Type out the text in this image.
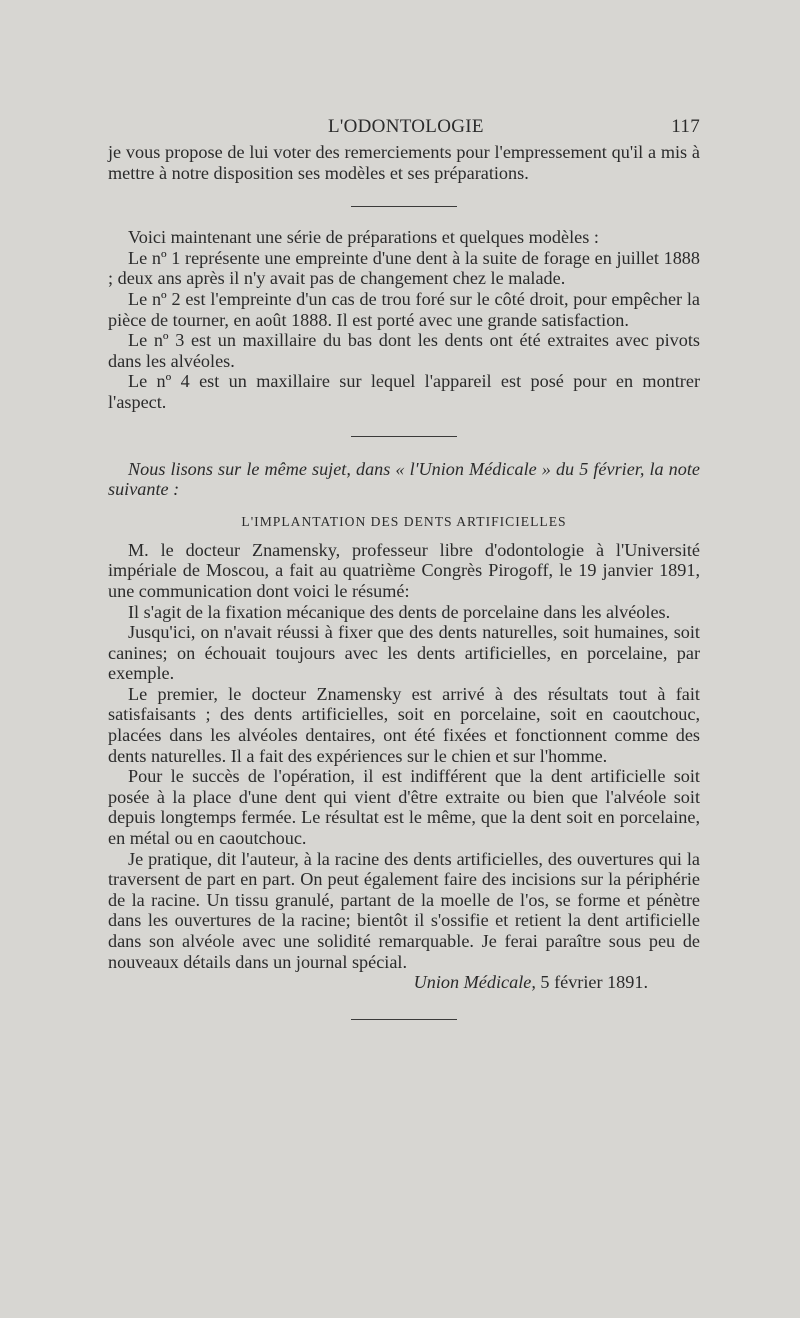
L'ODONTOLOGIE	117

je vous propose de lui voter des remerciements pour l'empressement qu'il a mis à mettre à notre disposition ses modèles et ses préparations.

Voici maintenant une série de préparations et quelques modèles :

Le nº 1 représente une empreinte d'une dent à la suite de forage en juillet 1888 ; deux ans après il n'y avait pas de changement chez le malade.

Le nº 2 est l'empreinte d'un cas de trou foré sur le côté droit, pour empêcher la pièce de tourner, en août 1888. Il est porté avec une grande satisfaction.

Le nº 3 est un maxillaire du bas dont les dents ont été extraites avec pivots dans les alvéoles.

Le nº 4 est un maxillaire sur lequel l'appareil est posé pour en montrer l'aspect.

Nous lisons sur le même sujet, dans « l'Union Médicale » du 5 février, la note suivante :

L'IMPLANTATION DES DENTS ARTIFICIELLES

M. le docteur Znamensky, professeur libre d'odontologie à l'Université impériale de Moscou, a fait au quatrième Congrès Pirogoff, le 19 janvier 1891, une communication dont voici le résumé:

Il s'agit de la fixation mécanique des dents de porcelaine dans les alvéoles.

Jusqu'ici, on n'avait réussi à fixer que des dents naturelles, soit humaines, soit canines; on échouait toujours avec les dents artificielles, en porcelaine, par exemple.

Le premier, le docteur Znamensky est arrivé à des résultats tout à fait satisfaisants ; des dents artificielles, soit en porcelaine, soit en caoutchouc, placées dans les alvéoles dentaires, ont été fixées et fonctionnent comme des dents naturelles. Il a fait des expériences sur le chien et sur l'homme.

Pour le succès de l'opération, il est indifférent que la dent artificielle soit posée à la place d'une dent qui vient d'être extraite ou bien que l'alvéole soit depuis longtemps fermée. Le résultat est le même, que la dent soit en porcelaine, en métal ou en caoutchouc.

Je pratique, dit l'auteur, à la racine des dents artificielles, des ouvertures qui la traversent de part en part. On peut également faire des incisions sur la périphérie de la racine. Un tissu granulé, partant de la moelle de l'os, se forme et pénètre dans les ouvertures de la racine; bientôt il s'ossifie et retient la dent artificielle dans son alvéole avec une solidité remarquable. Je ferai paraître sous peu de nouveaux détails dans un journal spécial.

Union Médicale, 5 février 1891.
